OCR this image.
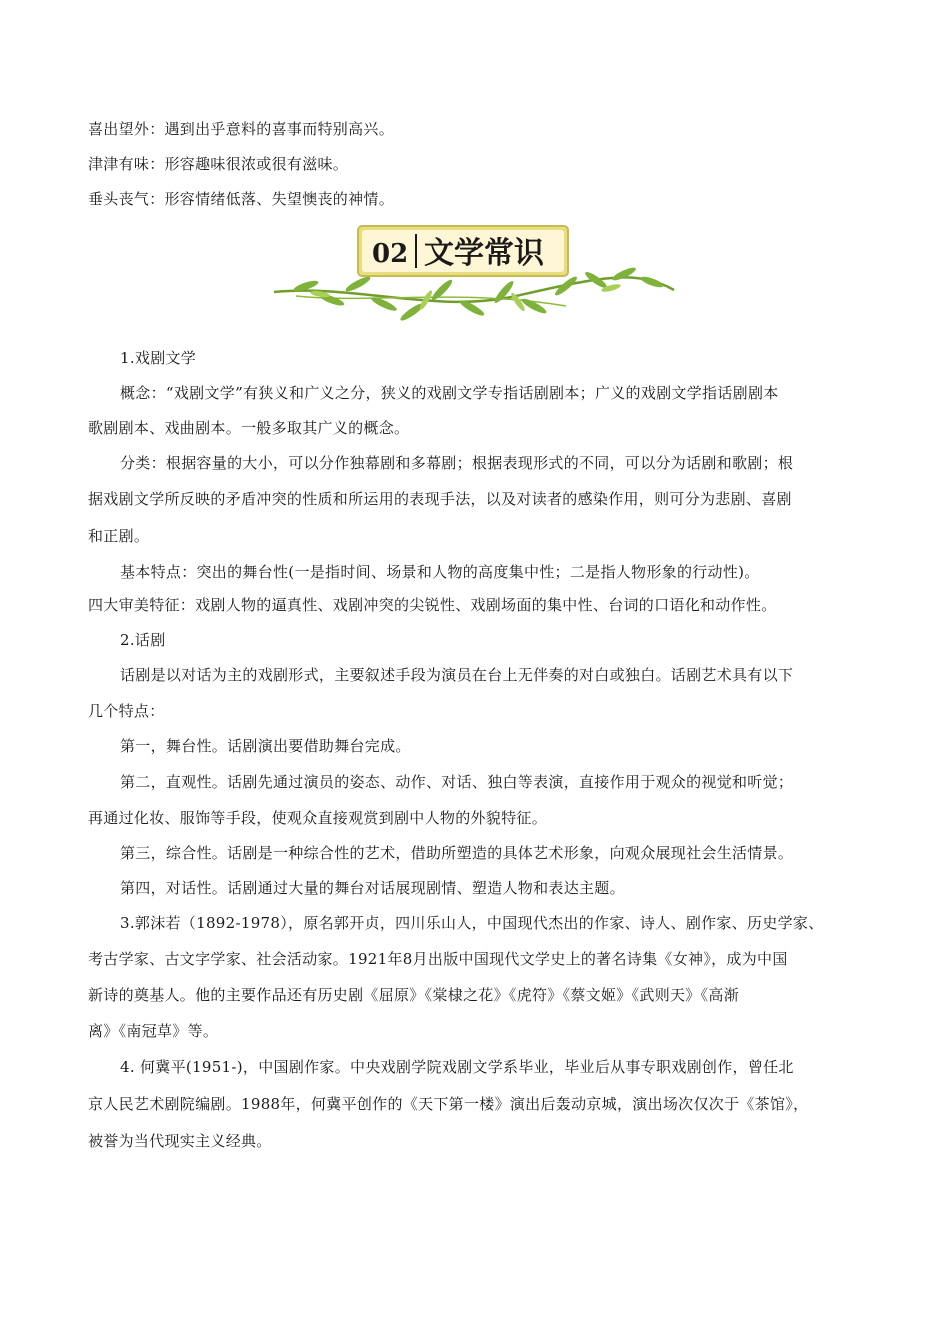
喜出望外：遇到出乎意料的喜事而特别高兴。
津津有味：形容趣味很浓或很有滋味。
垂头丧气：形容情绪低落、失望懊丧的神情。
02 文学常识
1.戏剧文学
概念：“戏剧文学”有狭义和广义之分，狭义的戏剧文学专指话剧剧本；广义的戏剧文学指话剧剧本
歌剧剧本、戏曲剧本。一般多取其广义的概念。
分类：根据容量的大小，可以分作独幕剧和多幕剧；根据表现形式的不同，可以分为话剧和歌剧；根
据戏剧文学所反映的矛盾冲突的性质和所运用的表现手法，以及对读者的感染作用，则可分为悲剧、喜剧
和正剧。
基本特点：突出的舞台性(一是指时间、场景和人物的高度集中性；二是指人物形象的行动性)。
四大审美特征：戏剧人物的逼真性、戏剧冲突的尖锐性、戏剧场面的集中性、台词的口语化和动作性。
2.话剧
话剧是以对话为主的戏剧形式，主要叙述手段为演员在台上无伴奏的对白或独白。话剧艺术具有以下
几个特点：
第一，舞台性。话剧演出要借助舞台完成。
第二，直观性。话剧先通过演员的姿态、动作、对话、独白等表演，直接作用于观众的视觉和听觉；
再通过化妆、服饰等手段，使观众直接观赏到剧中人物的外貌特征。
第三，综合性。话剧是一种综合性的艺术，借助所塑造的具体艺术形象，向观众展现社会生活情景。
第四，对话性。话剧通过大量的舞台对话展现剧情、塑造人物和表达主题。
3.郭沫若（1892-1978），原名郭开贞，四川乐山人，中国现代杰出的作家、诗人、剧作家、历史学家、
考古学家、古文字学家、社会活动家。1921年8月出版中国现代文学史上的著名诗集《女神》，成为中国
新诗的奠基人。他的主要作品还有历史剧《屈原》《棠棣之花》《虎符》《蔡文姬》《武则天》《高渐
离》《南冠草》等。
4. 何冀平(1951-)，中国剧作家。中央戏剧学院戏剧文学系毕业，毕业后从事专职戏剧创作，曾任北
京人民艺术剧院编剧。1988年，何冀平创作的《天下第一楼》演出后轰动京城，演出场次仅次于《茶馆》，
被誉为当代现实主义经典。
